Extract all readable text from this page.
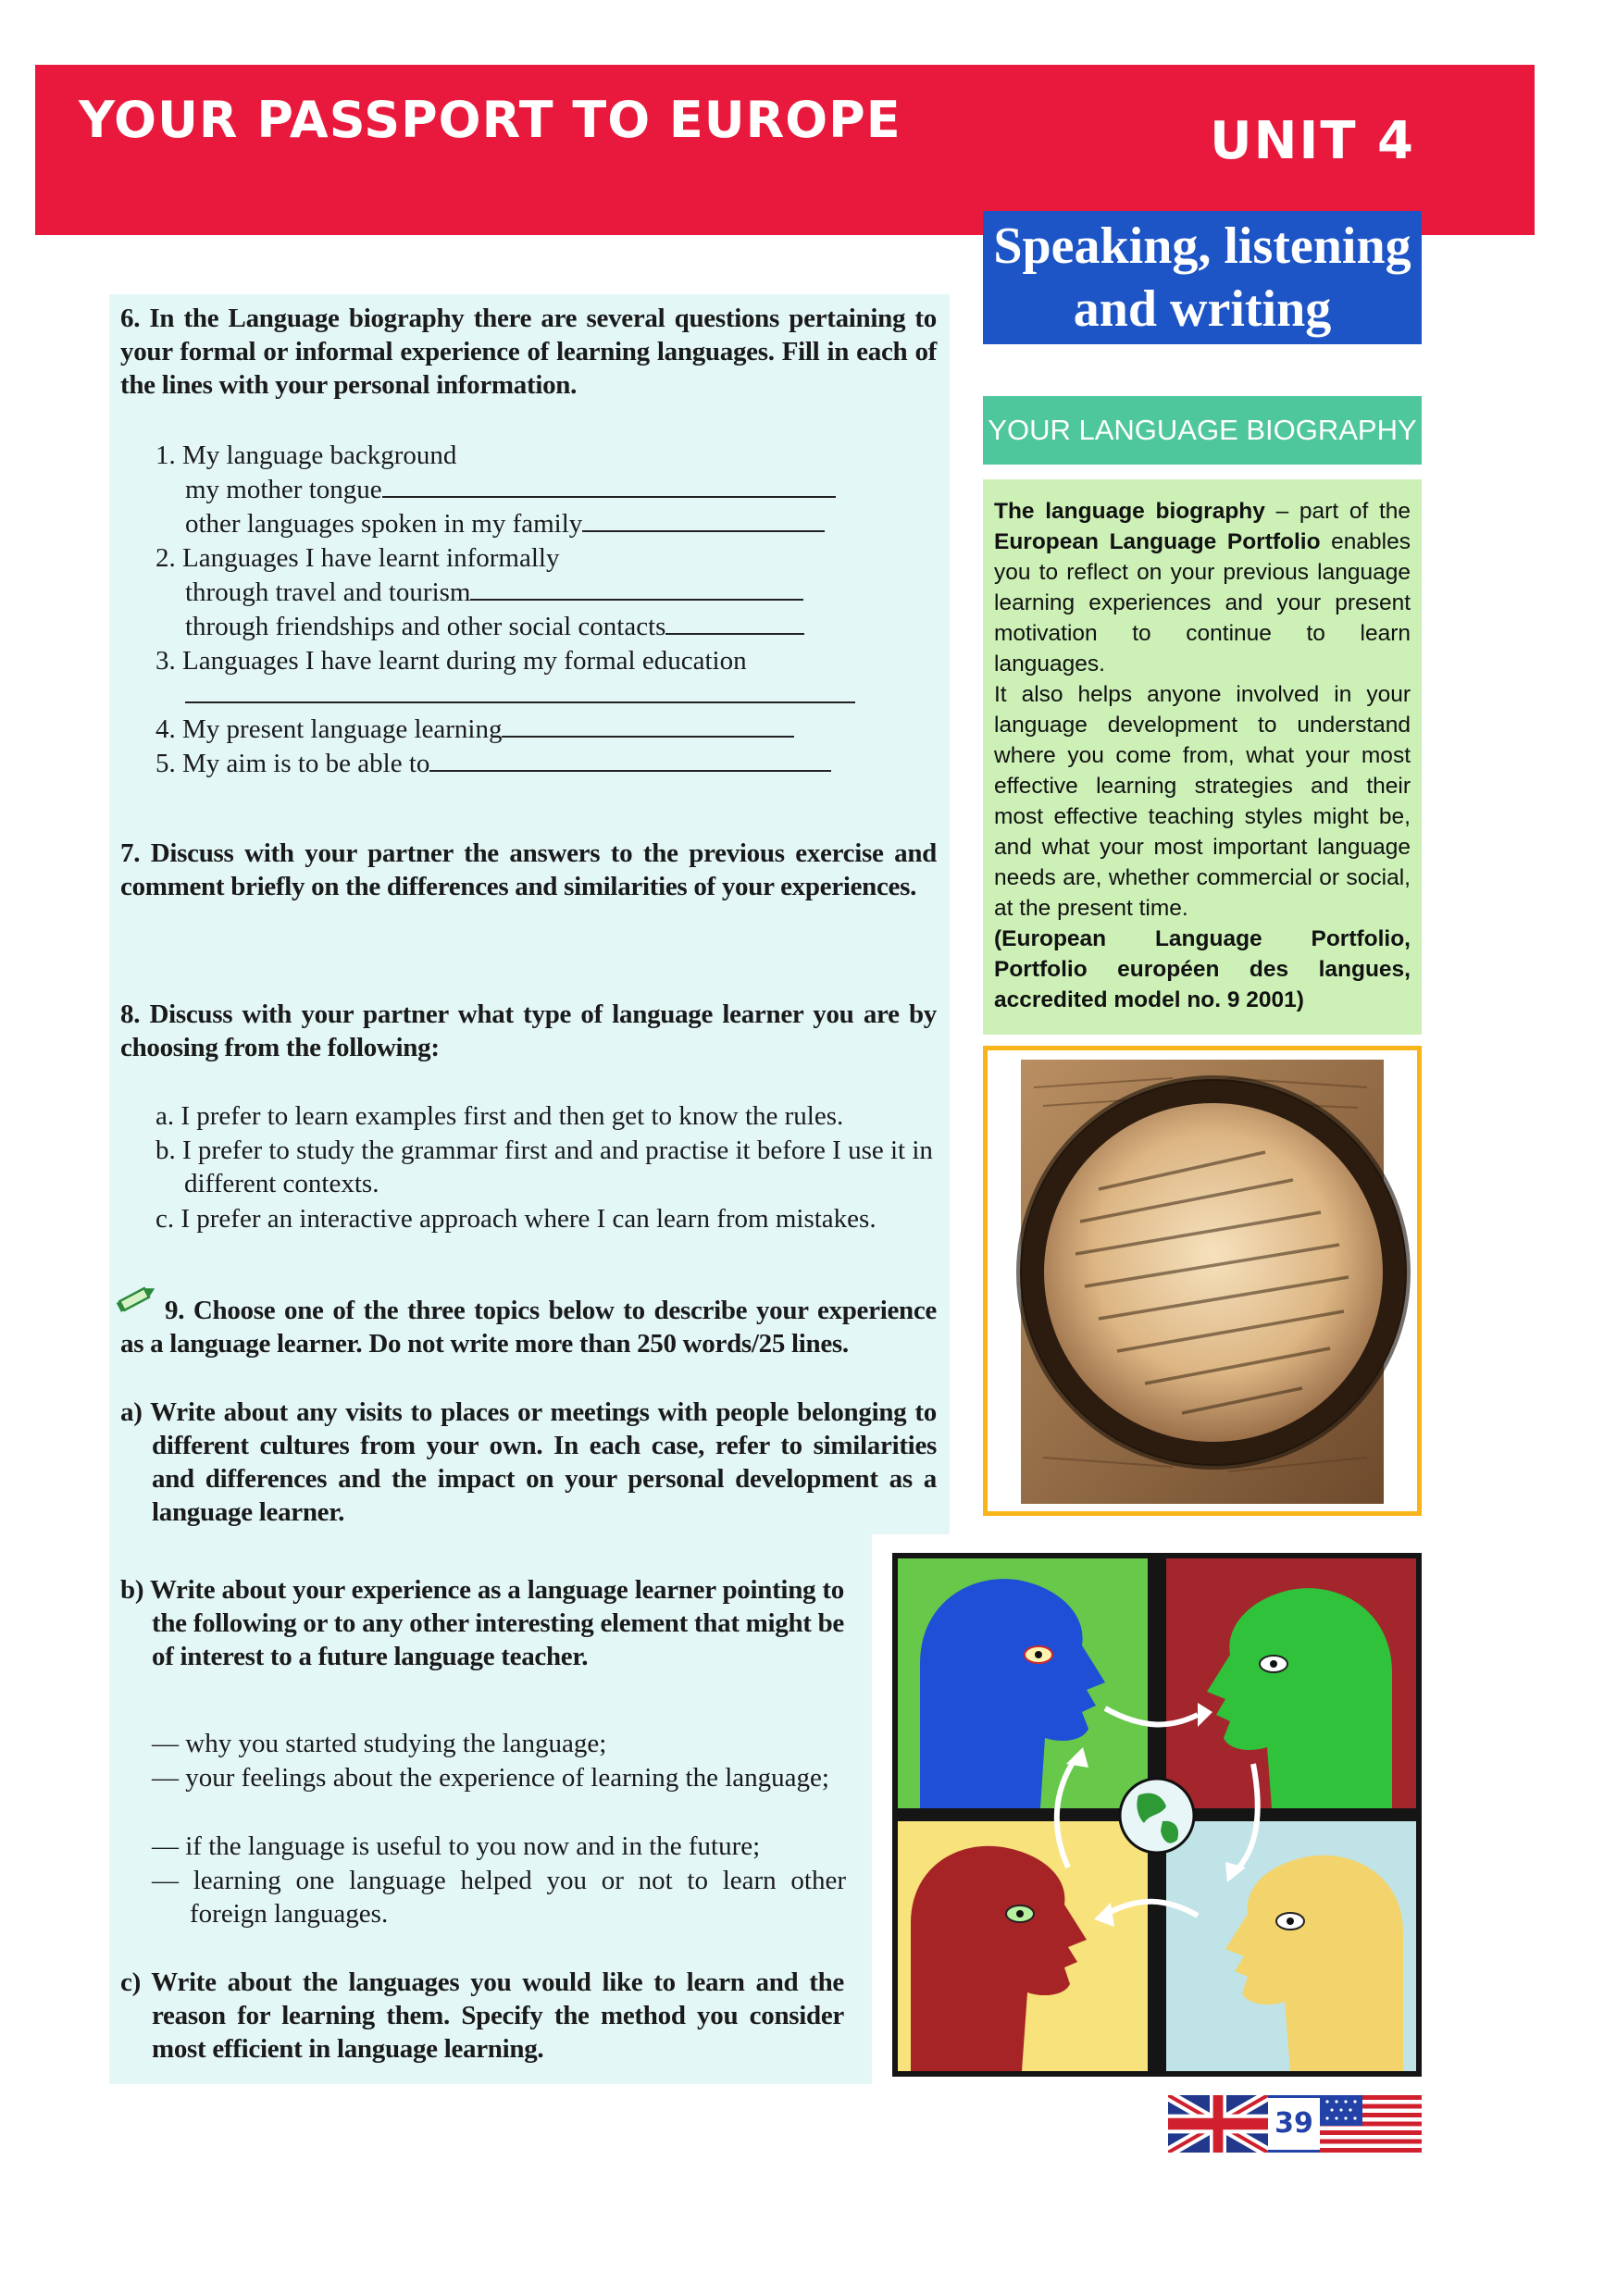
YOUR PASSPORT TO EUROPE	UNIT 4
Speaking, listening
and writing
6. In the Language biography there are several questions pertaining to your formal or informal experience of learning languages. Fill in each of the lines with your personal information.
1. My language background
my mother tongue
other languages spoken in my family
2. Languages I have learnt informally
through travel and tourism
through friendships and other social contacts
3. Languages I have learnt during my formal education
4. My present language learning
5. My aim is to be able to
7. Discuss with your partner the answers to the previous exercise and comment briefly on the differences and similarities of your experiences.
8. Discuss with your partner what type of language learner you are by choosing from the following:
a. I prefer to learn examples first and then get to know the rules.
b. I prefer to study the grammar first and and practise it before I use it in different contexts.
c. I prefer an interactive approach where I can learn from mistakes.
9. Choose one of the three topics below to describe your experience as a language learner. Do not write more than 250 words/25 lines.
a) Write about any visits to places or meetings with people belonging to different cultures from your own. In each case, refer to similarities and differences and the impact on your personal development as a language learner.
b) Write about your experience as a language learner pointing to the following or to any other interesting element that might be of interest to a future language teacher.
— why you started studying the language;
— your feelings about the experience of learning the language;
— if the language is useful to you now and in the future;
— learning one language helped you or not to learn other foreign languages.
c) Write about the languages you would like to learn and the reason for learning them. Specify the method you consider most efficient in language learning.
YOUR LANGUAGE BIOGRAPHY

The language biography – part of the European Language Portfolio enables you to reflect on your previous language learning experiences and your present motivation to continue to learn languages.

It also helps anyone involved in your language development to understand where you come from, what your most effective learning strategies and their most effective teaching styles might be, and what your most important language needs are, whether commercial or social, at the present time.

(European Language Portfolio, Portfolio européen des langues, accredited model no. 9 2001)

39
